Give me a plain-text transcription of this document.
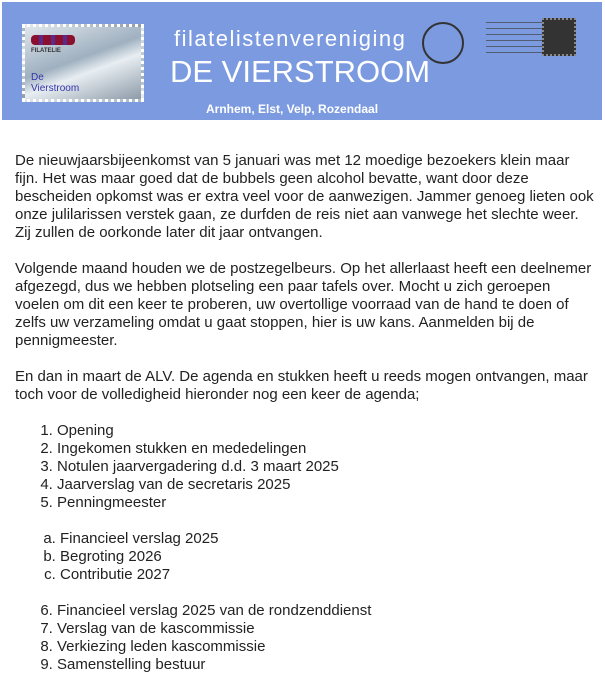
FILATELIE
De Vierstroom
filatelistenvereniging
DE VIERSTROOM
Arnhem, Elst, Velp, Rozendaal

De nieuwjaarsbijeenkomst van 5 januari was met 12 moedige bezoekers klein maar fijn. Het was maar goed dat de bubbels geen alcohol bevatte, want door deze bescheiden opkomst was er extra veel voor de aanwezigen. Jammer genoeg lieten ook onze julilarissen verstek gaan, ze durfden de reis niet aan vanwege het slechte weer. Zij zullen de oorkonde later dit jaar ontvangen.

Volgende maand houden we de postzegelbeurs. Op het allerlaast heeft een deelnemer afgezegd, dus we hebben plotseling een paar tafels over. Mocht u zich geroepen voelen om dit een keer te proberen, uw overtollige voorraad van de hand te doen of zelfs uw verzameling omdat u gaat stoppen, hier is uw kans. Aanmelden bij de pennigmeester.

En dan in maart de ALV. De agenda en stukken heeft u reeds mogen ontvangen, maar toch voor de volledigheid hieronder nog een keer de agenda;

1. Opening
2. Ingekomen stukken en mededelingen
3. Notulen jaarvergadering d.d. 3 maart 2025
4. Jaarverslag van de secretaris 2025
5. Penningmeester
a. Financieel verslag 2025
b. Begroting 2026
c. Contributie 2027
6. Financieel verslag 2025 van de rondzenddienst
7. Verslag van de kascommissie
8. Verkiezing leden kascommissie
9. Samenstelling bestuur
